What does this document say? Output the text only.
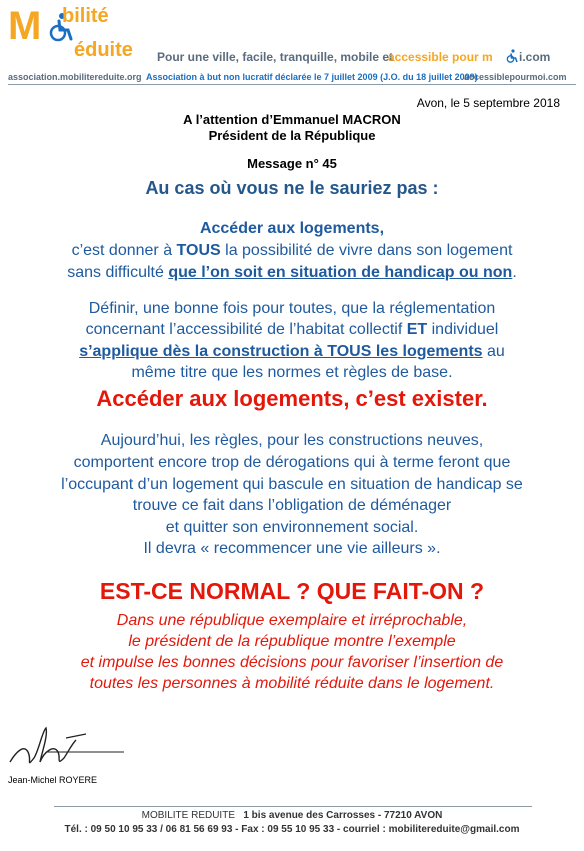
M bilité
éduite Pour une ville, facile, tranquille, mobile et
accessible pour m i.com
association.mobilitereduite.org Association à but non lucratif déclarée le 7 juillet 2009 (J.O. du 18 juillet 2009)
accessiblepourmoi.com
Avon, le 5 septembre 2018
A l’attention d’Emmanuel MACRON
Président de la République
Message n° 45
Au cas où vous ne le sauriez pas :
Accéder aux logements,
c’est donner à TOUS la possibilité de vivre dans son logement
sans difficulté que l’on soit en situation de handicap ou non.
Définir, une bonne fois pour toutes, que la réglementation
concernant l’accessibilité de l’habitat collectif ET individuel
s’applique dès la construction à TOUS les logements au
même titre que les normes et règles de base.
Accéder aux logements, c’est exister.
Aujourd’hui, les règles, pour les constructions neuves,
comportent encore trop de dérogations qui à terme feront que
l’occupant d’un logement qui bascule en situation de handicap se
trouve ce fait dans l’obligation de déménager
et quitter son environnement social.
Il devra « recommencer une vie ailleurs ».
EST-CE NORMAL ? QUE FAIT-ON ?
Dans une république exemplaire et irréprochable,
le président de la république montre l’exemple
et impulse les bonnes décisions pour favoriser l’insertion de
toutes les personnes à mobilité réduite dans le logement.
Jean-Michel ROYERE
MOBILITE REDUITE 1 bis avenue des Carrosses - 77210 AVON
Tél. : 09 50 10 95 33 / 06 81 56 69 93 - Fax : 09 55 10 95 33 - courriel : mobilitereduite@gmail.com
